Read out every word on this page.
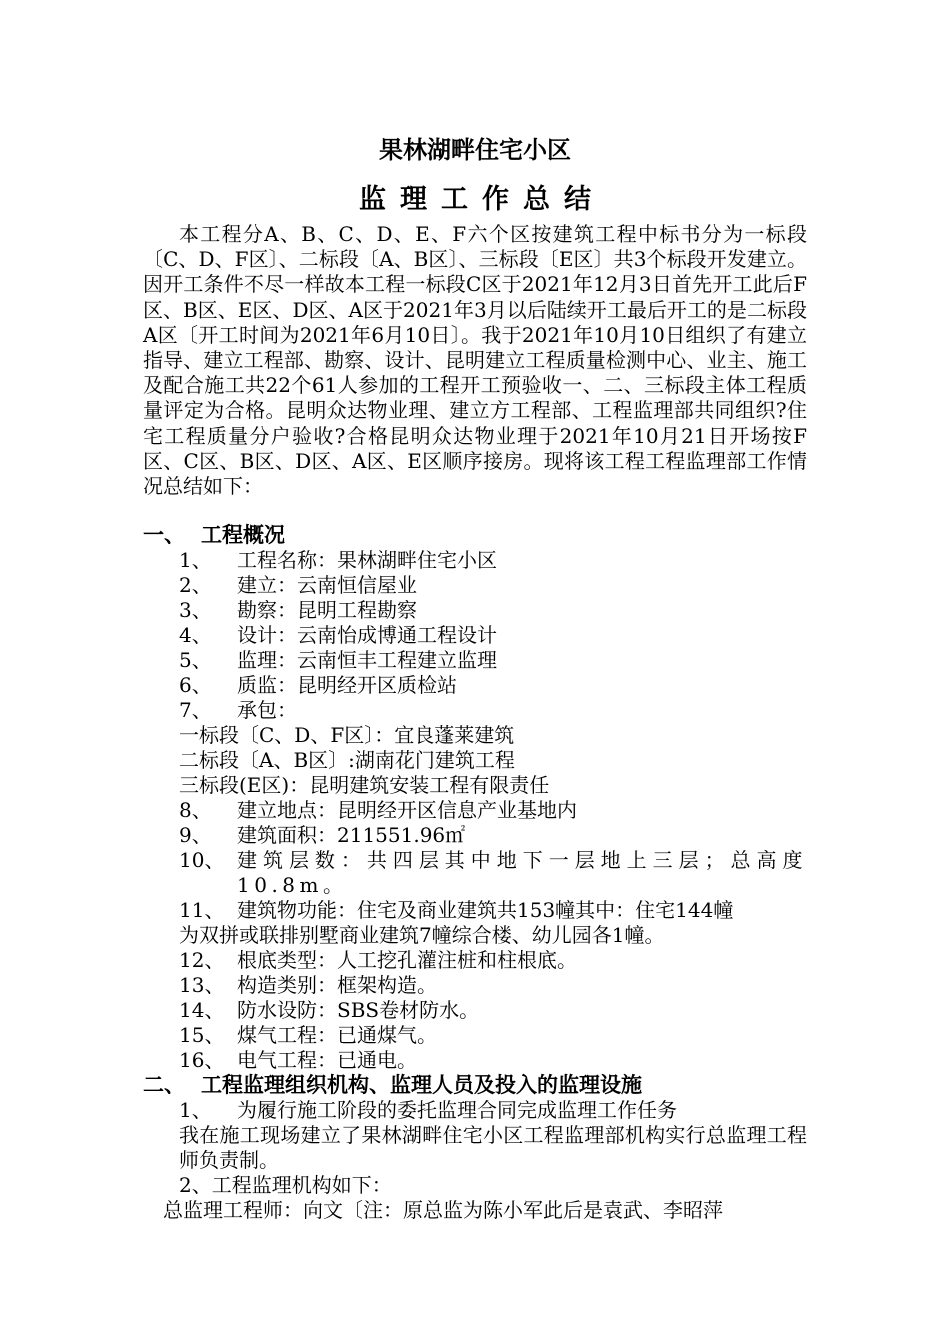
果林湖畔住宅小区
监理工作总结
本工程分A、B、C、D、E、F六个区按建筑工程中标书分为一标段〔C、D、F区〕、二标段〔A、B区〕、三标段〔E区〕共3个标段开发建立。因开工条件不尽一样故本工程一标段C区于2021年12月3日首先开工此后F区、B区、E区、D区、A区于2021年3月以后陆续开工最后开工的是二标段A区〔开工时间为2021年6月10日〕。我于2021年10月10日组织了有建立指导、建立工程部、勘察、设计、昆明建立工程质量检测中心、业主、施工及配合施工共22个61人参加的工程开工预验收一、二、三标段主体工程质量评定为合格。昆明众达物业理、建立方工程部、工程监理部共同组织?住宅工程质量分户验收?合格昆明众达物业理于2021年10月21日开场按F区、C区、B区、D区、A区、E区顺序接房。现将该工程工程监理部工作情况总结如下：
一、 工程概况
1、 工程名称：果林湖畔住宅小区
2、 建立：云南恒信屋业
3、 勘察：昆明工程勘察
4、 设计：云南怡成博通工程设计
5、 监理：云南恒丰工程建立监理
6、 质监：昆明经开区质检站
7、 承包：
一标段〔C、D、F区〕：宜良蓬莱建筑
二标段〔A、B区〕:湖南花门建筑工程
三标段(E区)：昆明建筑安装工程有限责任
8、 建立地点：昆明经开区信息产业基地内
9、 建筑面积：211551.96㎡
10、 建筑层数：共四层其中地下一层地上三层；总高度10.8m。
11、 建筑物功能：住宅及商业建筑共153幢其中：住宅144幢
为双拼或联排别墅商业建筑7幢综合楼、幼儿园各1幢。
12、 根底类型：人工挖孔灌注桩和柱根底。
13、 构造类别：框架构造。
14、 防水设防：SBS卷材防水。
15、 煤气工程：已通煤气。
16、 电气工程：已通电。
二、 工程监理组织机构、监理人员及投入的监理设施
1、 为履行施工阶段的委托监理合同完成监理工作任务
我在施工现场建立了果林湖畔住宅小区工程监理部机构实行总监理工程师负责制。
2、工程监理机构如下：
总监理工程师：向文〔注：原总监为陈小军此后是袁武、李昭萍
